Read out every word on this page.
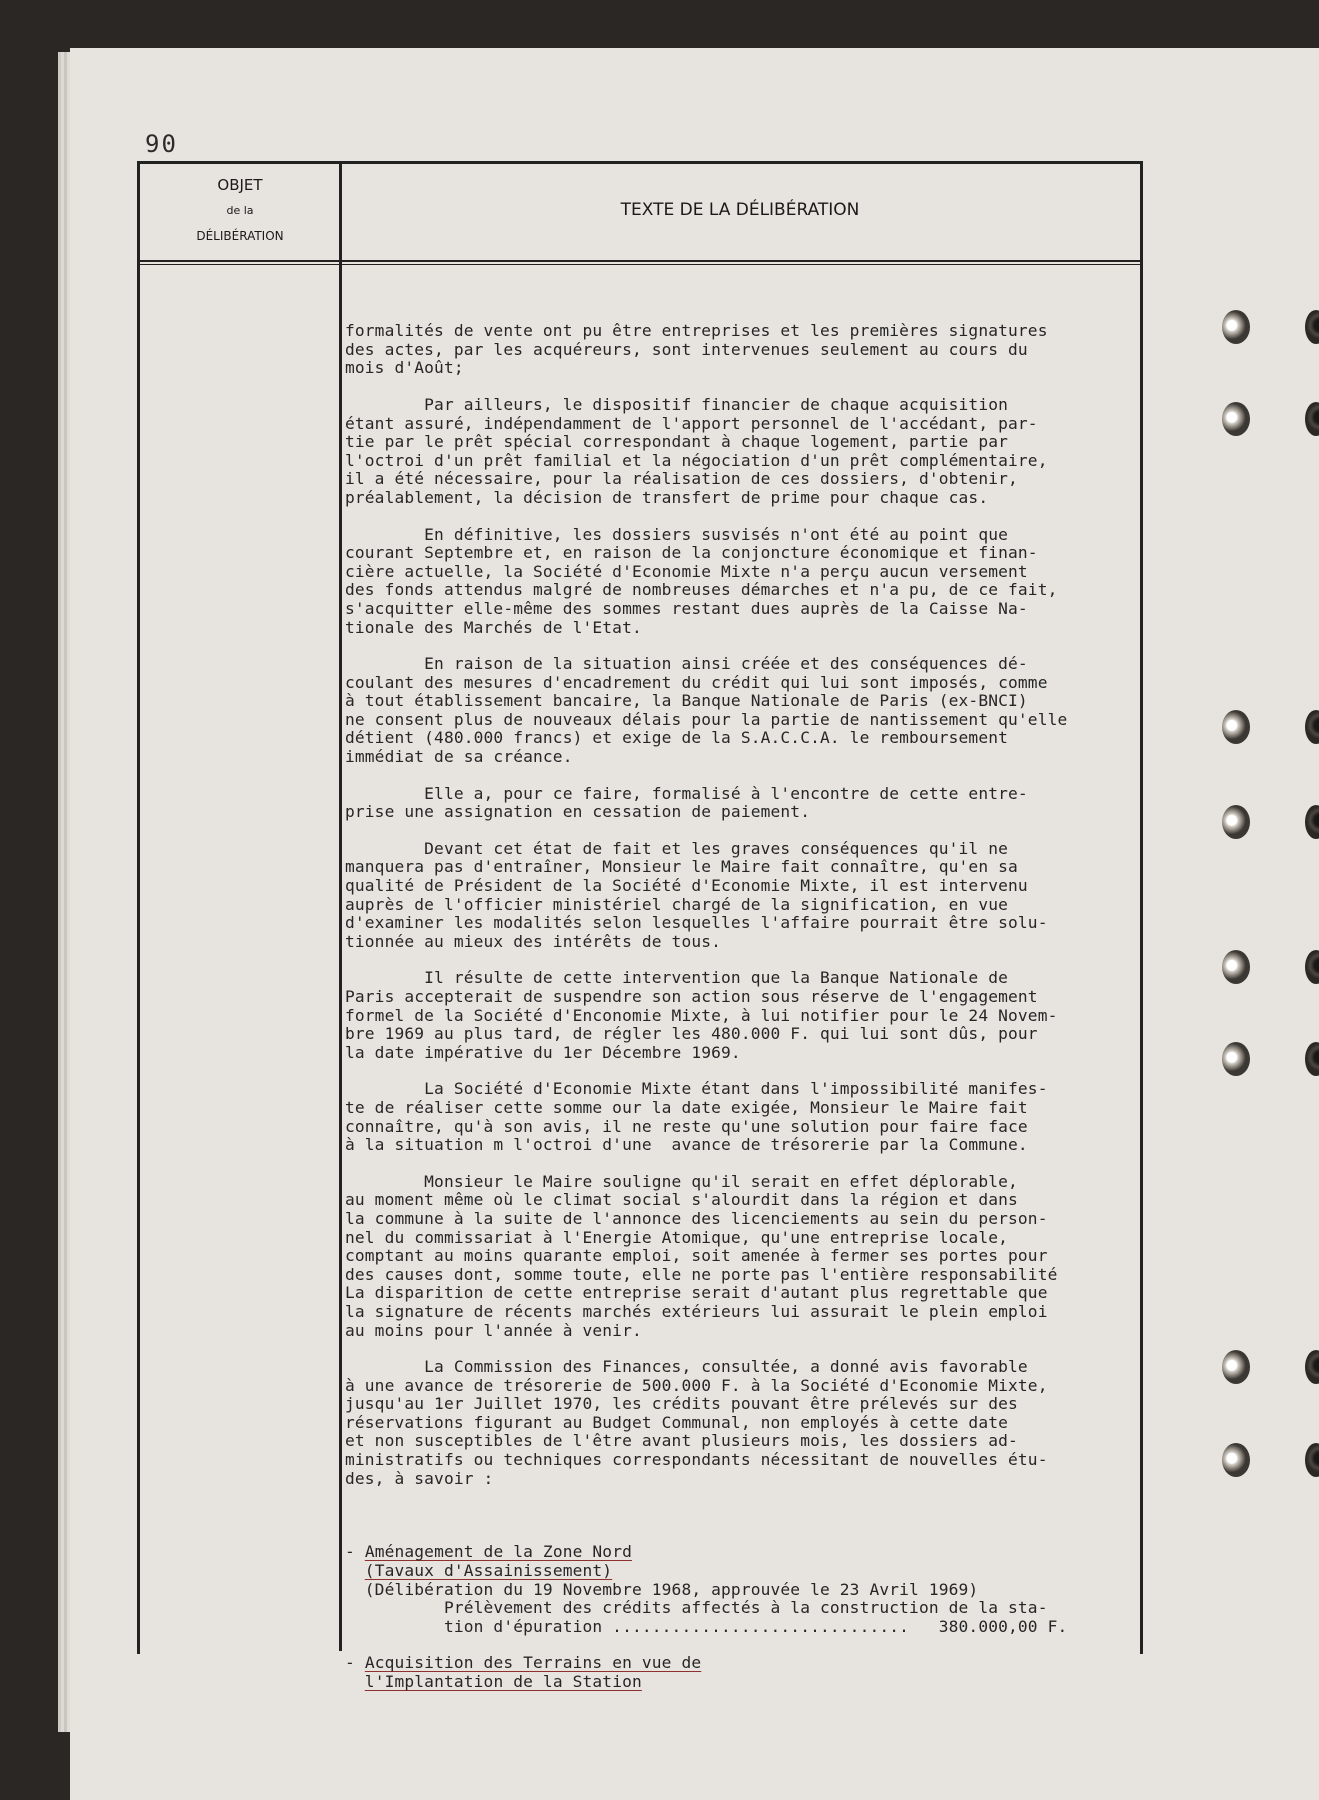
90
OBJET
de la
DÉLIBÉRATION
TEXTE DE LA DÉLIBÉRATION

formalités de vente ont pu être entreprises et les premières signatures
des actes, par les acquéreurs, sont intervenues seulement au cours du
mois d'Août;
Par ailleurs, le dispositif financier de chaque acquisition
étant assuré, indépendamment de l'apport personnel de l'accédant, par-
tie par le prêt spécial correspondant à chaque logement, partie par
l'octroi d'un prêt familial et la négociation d'un prêt complémentaire,
il a été nécessaire, pour la réalisation de ces dossiers, d'obtenir,
préalablement, la décision de transfert de prime pour chaque cas.
En définitive, les dossiers susvisés n'ont été au point que
courant Septembre et, en raison de la conjoncture économique et finan-
cière actuelle, la Société d'Economie Mixte n'a perçu aucun versement
des fonds attendus malgré de nombreuses démarches et n'a pu, de ce fait,
s'acquitter elle-même des sommes restant dues auprès de la Caisse Na-
tionale des Marchés de l'Etat.
En raison de la situation ainsi créée et des conséquences dé-
coulant des mesures d'encadrement du crédit qui lui sont imposés, comme
à tout établissement bancaire, la Banque Nationale de Paris (ex-BNCI)
ne consent plus de nouveaux délais pour la partie de nantissement qu'elle
détient (480.000 francs) et exige de la S.A.C.C.A. le remboursement
immédiat de sa créance.
Elle a, pour ce faire, formalisé à l'encontre de cette entre-
prise une assignation en cessation de paiement.
Devant cet état de fait et les graves conséquences qu'il ne
manquera pas d'entraîner, Monsieur le Maire fait connaître, qu'en sa
qualité de Président de la Société d'Economie Mixte, il est intervenu
auprès de l'officier ministériel chargé de la signification, en vue
d'examiner les modalités selon lesquelles l'affaire pourrait être solu-
tionnée au mieux des intérêts de tous.
Il résulte de cette intervention que la Banque Nationale de
Paris accepterait de suspendre son action sous réserve de l'engagement
formel de la Société d'Enconomie Mixte, à lui notifier pour le 24 Novem-
bre 1969 au plus tard, de régler les 480.000 F. qui lui sont dûs, pour
la date impérative du 1er Décembre 1969.
La Société d'Economie Mixte étant dans l'impossibilité manifes-
te de réaliser cette somme our la date exigée, Monsieur le Maire fait
connaître, qu'à son avis, il ne reste qu'une solution pour faire face
à la situation m l'octroi d'une  avance de trésorerie par la Commune.
Monsieur le Maire souligne qu'il serait en effet déplorable,
au moment même où le climat social s'alourdit dans la région et dans
la commune à la suite de l'annonce des licenciements au sein du person-
nel du commissariat à l'Energie Atomique, qu'une entreprise locale,
comptant au moins quarante emploi, soit amenée à fermer ses portes pour
des causes dont, somme toute, elle ne porte pas l'entière responsabilité
La disparition de cette entreprise serait d'autant plus regrettable que
la signature de récents marchés extérieurs lui assurait le plein emploi
au moins pour l'année à venir.
La Commission des Finances, consultée, a donné avis favorable
à une avance de trésorerie de 500.000 F. à la Société d'Economie Mixte,
jusqu'au 1er Juillet 1970, les crédits pouvant être prélevés sur des
réservations figurant au Budget Communal, non employés à cette date
et non susceptibles de l'être avant plusieurs mois, les dossiers ad-
ministratifs ou techniques correspondants nécessitant de nouvelles étu-
des, à savoir :

- Aménagement de la Zone Nord
(Tavaux d'Assainissement)
(Délibération du 19 Novembre 1968, approuvée le 23 Avril 1969)
Prélèvement des crédits affectés à la construction de la sta-
tion d'épuration ..............................   380.000,00 F.
- Acquisition des Terrains en vue de
l'Implantation de la Station
